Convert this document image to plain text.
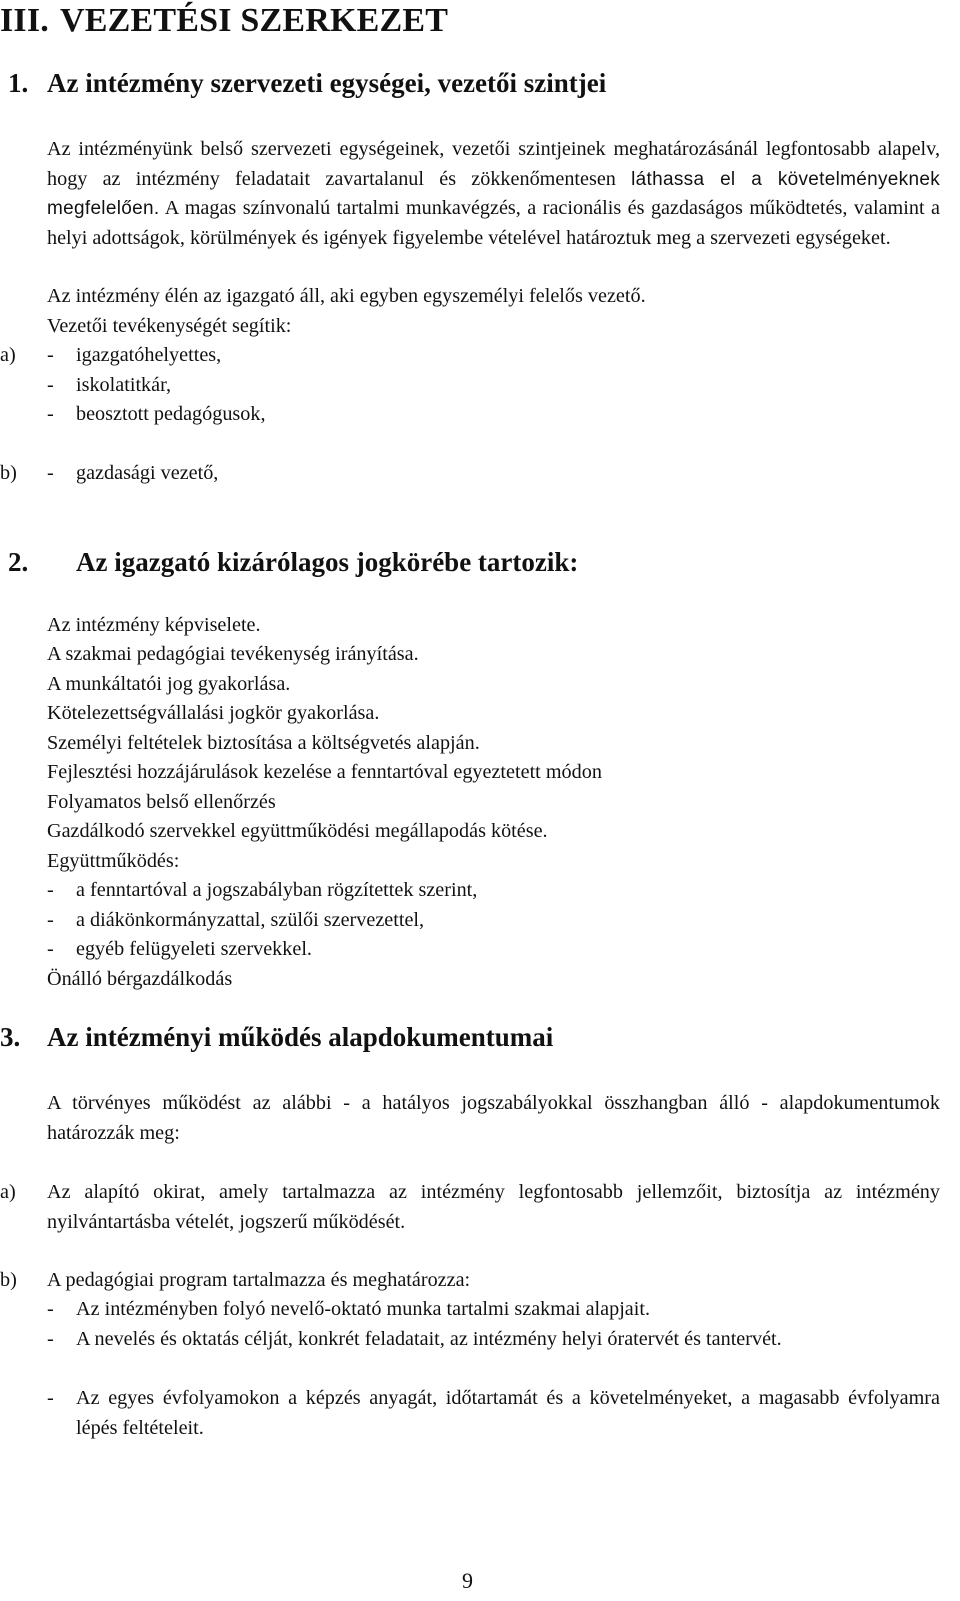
III. VEZETÉSI SZERKEZET
1. Az intézmény szervezeti egységei, vezetői szintjei

Az intézményünk belső szervezeti egységeinek, vezetői szintjeinek meghatározásánál legfontosabb alapelv, hogy az intézmény feladatait zavartalanul és zökkenőmentesen láthassa el a követelményeknek megfelelően. A magas színvonalú tartalmi munkavégzés, a racionális és gazdaságos működtetés, valamint a helyi adottságok, körülmények és igények figyelembe vételével határoztuk meg a szervezeti egységeket.

Az intézmény élén az igazgató áll, aki egyben egyszemélyi felelős vezető.

Vezetői tevékenységét segítik:

a) - igazgatóhelyettes,

- iskolatitkár,

- beosztott pedagógusok,

b) - gazdasági vezető,

2. Az igazgató kizárólagos jogkörébe tartozik:

Az intézmény képviselete.

A szakmai pedagógiai tevékenység irányítása.

A munkáltatói jog gyakorlása.

Kötelezettségvállalási jogkör gyakorlása.

Személyi feltételek biztosítása a költségvetés alapján.

Fejlesztési hozzájárulások kezelése a fenntartóval egyeztetett módon

Folyamatos belső ellenőrzés

Gazdálkodó szervekkel együttműködési megállapodás kötése.

Együttműködés:

- a fenntartóval a jogszabályban rögzítettek szerint,

- a diákönkormányzattal, szülői szervezettel,

- egyéb felügyeleti szervekkel.

Önálló bérgazdálkodás

3. Az intézményi működés alapdokumentumai

A törvényes működést az alábbi - a hatályos jogszabályokkal összhangban álló - alapdokumentumok határozzák meg:

a) Az alapító okirat, amely tartalmazza az intézmény legfontosabb jellemzőit, biztosítja az intézmény nyilvántartásba vételét, jogszerű működését.

b) A pedagógiai program tartalmazza és meghatározza:

- Az intézményben folyó nevelő-oktató munka tartalmi szakmai alapjait.

- A nevelés és oktatás célját, konkrét feladatait, az intézmény helyi óratervét és tantervét.

- Az egyes évfolyamokon a képzés anyagát, időtartamát és a követelményeket, a magasabb évfolyamra lépés feltételeit.

9
